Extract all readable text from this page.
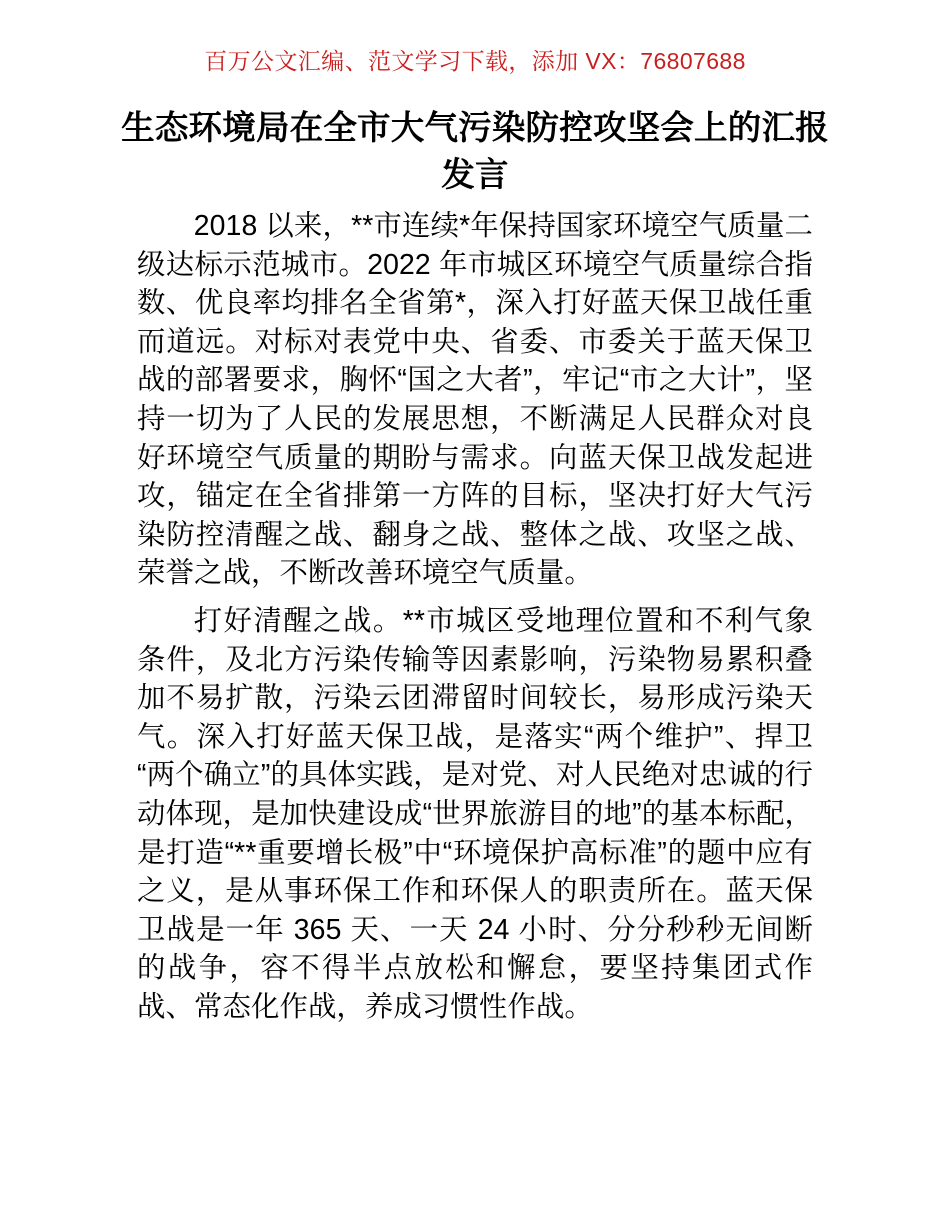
百万公文汇编、范文学习下载，添加 VX：76807688
生态环境局在全市大气污染防控攻坚会上的汇报发言

2018 以来，**市连续*年保持国家环境空气质量二级达标示范城市。2022 年市城区环境空气质量综合指数、优良率均排名全省第*，深入打好蓝天保卫战任重而道远。对标对表党中央、省委、市委关于蓝天保卫战的部署要求，胸怀“国之大者”，牢记“市之大计”，坚持一切为了人民的发展思想，不断满足人民群众对良好环境空气质量的期盼与需求。向蓝天保卫战发起进攻，锚定在全省排第一方阵的目标，坚决打好大气污染防控清醒之战、翻身之战、整体之战、攻坚之战、荣誉之战，不断改善环境空气质量。

打好清醒之战。**市城区受地理位置和不利气象条件，及北方污染传输等因素影响，污染物易累积叠加不易扩散，污染云团滞留时间较长，易形成污染天气。深入打好蓝天保卫战，是落实“两个维护”、捍卫“两个确立”的具体实践，是对党、对人民绝对忠诚的行动体现，是加快建设成“世界旅游目的地”的基本标配，是打造“**重要增长极”中“环境保护高标准”的题中应有之义，是从事环保工作和环保人的职责所在。蓝天保卫战是一年 365 天、一天 24 小时、分分秒秒无间断的战争，容不得半点放松和懈怠，要坚持集团式作战、常态化作战，养成习惯性作战。
